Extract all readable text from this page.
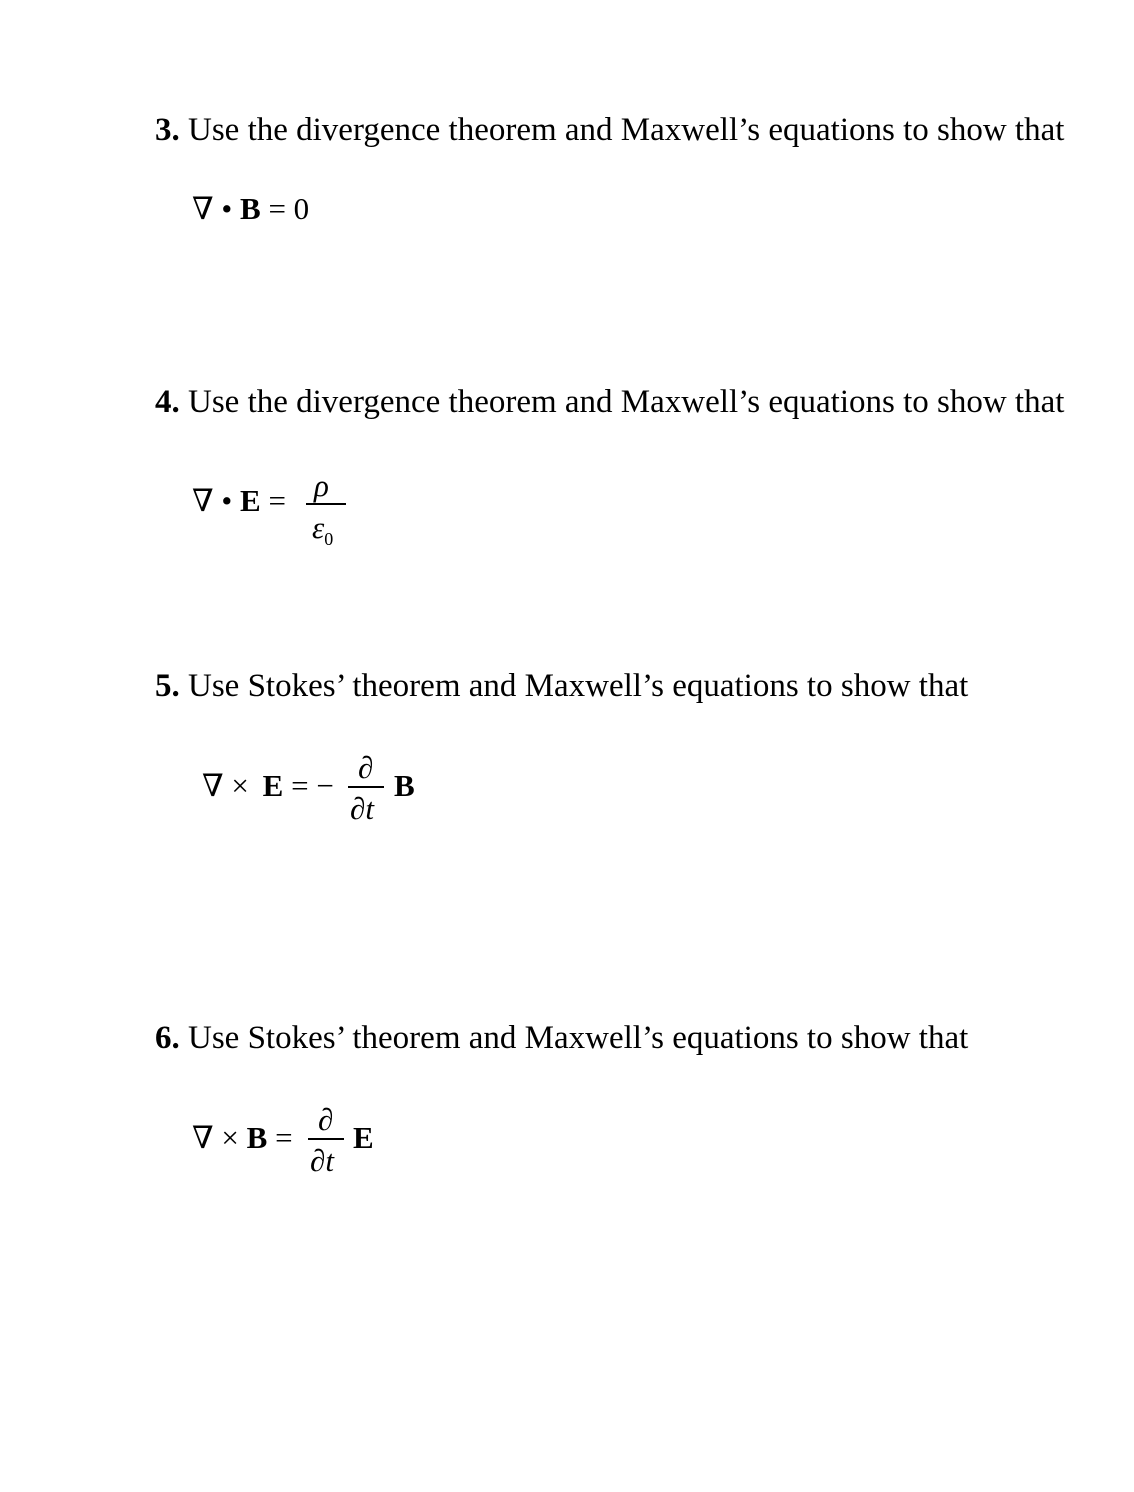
3. Use the divergence theorem and Maxwell’s equations to show that
∇ • B = 0
4. Use the divergence theorem and Maxwell’s equations to show that
∇ • E = ρ
$\varepsilon_0$
5. Use Stokes’ theorem and Maxwell’s equations to show that
∇ × E = −
∂
∂t
B
6. Use Stokes’ theorem and Maxwell’s equations to show that
∇ × B =
∂
∂t
E
